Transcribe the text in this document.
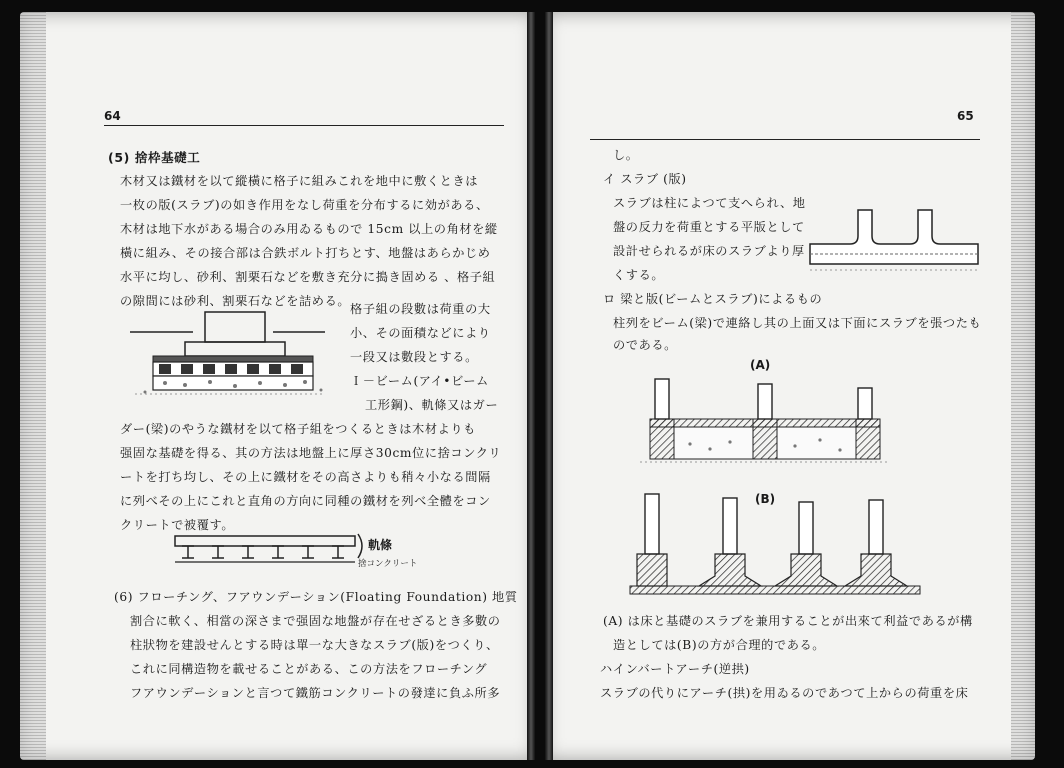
64
(5) 捨枠基礎工
木材又は鐵材を以て縱橫に格子に組みこれを地中に敷くときは
一枚の版(スラブ)の如き作用をなし荷重を分布するに効がある、
木材は地下水がある場合のみ用ゐるもので 15cm 以上の角材を縱
橫に組み、その接合部は合鉄ボルト打ちとす、地盤はあらかじめ
水平に均し、砂利、割栗石などを敷き充分に搗き固める 、格子組
の隙間には砂利、割栗石などを詰める。
格子組の段數は荷重の大
小、その面積などにより
一段又は數段とする。
Ｉ－ビーム(アイ•ビーム
工形鋼)、軌條又はガー
ダー(梁)のやうな鐵材を以て格子組をつくるときは木材よりも
强固な基礎を得る、其の方法は地盤上に厚さ30cm位に捨コンクリ
ートを打ち均し、その上に鐵材をその高さよりも稍々小なる間隔
に列べその上にこれと直角の方向に同種の鐵材を列べ全體をコン
クリートで被覆す。
軌條
捨コンクリート
(6) フローチング、フアウンデーション(Floating Foundation) 地質
割合に軟く、相當の深さまで强固な地盤が存在せざるとき多數の
柱狀物を建設せんとする時は單一な大きなスラブ(版)をつくり、
これに同構造物を載せることがある、この方法をフローチング
フアウンデーションと言つて鐵筋コンクリートの發達に負ふ所多
65
し。
イ スラブ (版)
スラブは柱によつて支へられ、地
盤の反力を荷重とする平版として
設計せられるが床のスラブより厚
くする。
ロ 梁と版(ビームとスラブ)によるもの
柱列をビーム(梁)で連絡し其の上面又は下面にスラブを張つたも
のである。
(A)
(B)
(A) は床と基礎のスラブを兼用することが出來て利益であるが構
造としては(B)の方が合理的である。
ハインバートアーチ(逆拱)
スラブの代りにアーチ(拱)を用ゐるのであつて上からの荷重を床
